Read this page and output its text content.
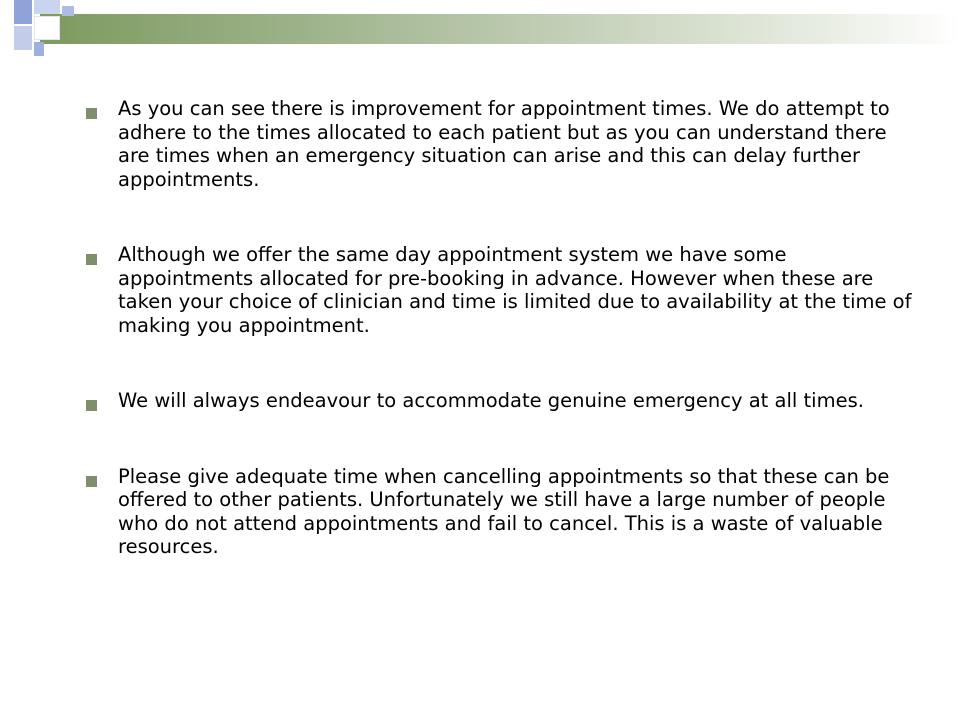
As you can see there is improvement for appointment times. We do attempt to adhere to the times allocated to each patient but as you can understand there are times when an emergency situation can arise and this can delay further appointments.

Although we offer the same day appointment system we have some appointments allocated for pre-booking in advance. However when these are taken your choice of clinician and time is limited due to availability at the time of making you appointment.

We will always endeavour to accommodate genuine emergency at all times.

Please give adequate time when cancelling appointments so that these can be offered to other patients. Unfortunately we still have a large number of people who do not attend appointments and fail to cancel. This is a waste of valuable resources.
